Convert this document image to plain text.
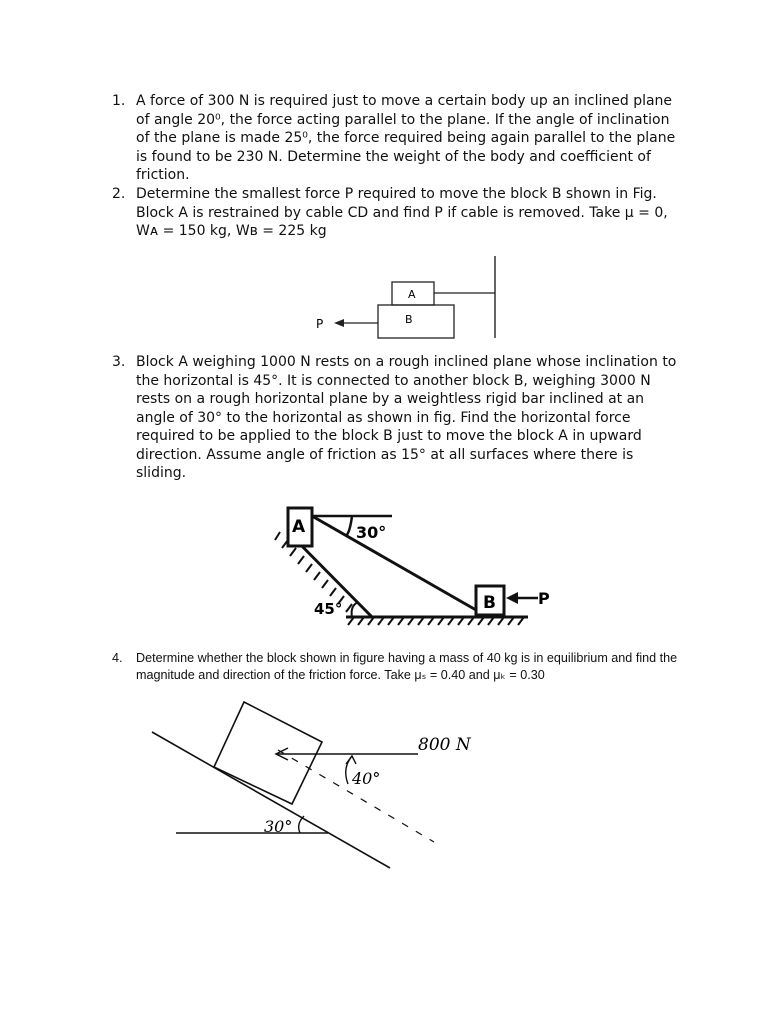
1. A force of 300 N is required just to move a certain body up an inclined plane of angle 20⁰, the force acting parallel to the plane. If the angle of inclination of the plane is made 25⁰, the force required being again parallel to the plane is found to be 230 N. Determine the weight of the body and coefficient of friction.

2. Determine the smallest force P required to move the block B shown in Fig. Block A is restrained by cable CD and find P if cable is removed. Take μ = 0, Wᴀ = 150 kg, Wʙ = 225 kg

A
B
P
3. Block A weighing 1000 N rests on a rough inclined plane whose inclination to the horizontal is 45°. It is connected to another block B, weighing 3000 N rests on a rough horizontal plane by a weightless rigid bar inclined at an angle of 30° to the horizontal as shown in fig. Find the horizontal force required to be applied to the block B just to move the block A in upward direction. Assume angle of friction as 15° at all surfaces where there is sliding.

A	30°
45°	B	P
4. Determine whether the block shown in figure having a mass of 40 kg is in equilibrium and find the magnitude and direction of the friction force. Take μₛ = 0.40 and μₖ = 0.30

30°
800 N
40°
